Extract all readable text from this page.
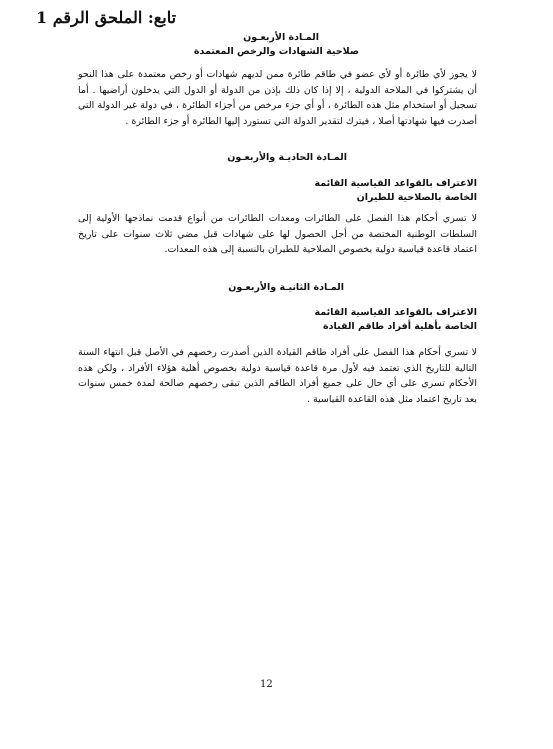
تابع: الملحق الرقم 1
المـادة الأربعـون
صلاحية الشهادات والرخص المعتمدة
لا يجوز لأي طائرة أو لأي عضو في طاقم طائرة ممن لديهم شهادات أو رخص معتمدة على هذا النحو أن يشتركوا في الملاحة الدولية ، إلا إذا كان ذلك بإذن من الدولة أو الدول التي يدخلون أراضيها . أما تسجيل أو استخدام مثل هذه الطائرة ، أو أي جزء مرخص من أجزاء الطائرة ، في دولة غير الدولة التي أصدرت فيها شهادتها أصلا ، فيترك لتقدير الدولة التي تستورد إليها الطائرة أو جزء الطائرة .
المـادة الحاديـة والأربعـون
الاعتراف بالقواعد القياسية القائمة
الخاصة بالصلاحية للطيران
لا تسري أحكام هذا الفصل على الطائرات ومعدات الطائرات من أنواع قدمت نماذجها الأولية إلى السلطات الوطنية المختصة من أجل الحصول لها على شهادات قبل مضي ثلاث سنوات على تاريخ اعتماد قاعدة قياسية دولية بخصوص الصلاحية للطيران بالنسبة إلى هذه المعدات.
المـادة الثانيـة والأربعـون
الاعتراف بالقواعد القياسية القائمة
الخاصة بأهلية أفراد طاقم القيادة
لا تسري أحكام هذا الفصل على أفراد طاقم القيادة الذين أصدرت رخصهم في الأصل قبل انتهاء السنة التالية للتاريخ الذي تعتمد فيه لأول مرة قاعدة قياسية دولية بخصوص أهلية هؤلاء الأفراد ، ولكن هذه الأحكام تسري على أي حال على جميع أفراد الطاقم الذين تبقى رخصهم صالحة لمدة خمس سنوات بعد تاريخ اعتماد مثل هذه القاعدة القياسية .
12
